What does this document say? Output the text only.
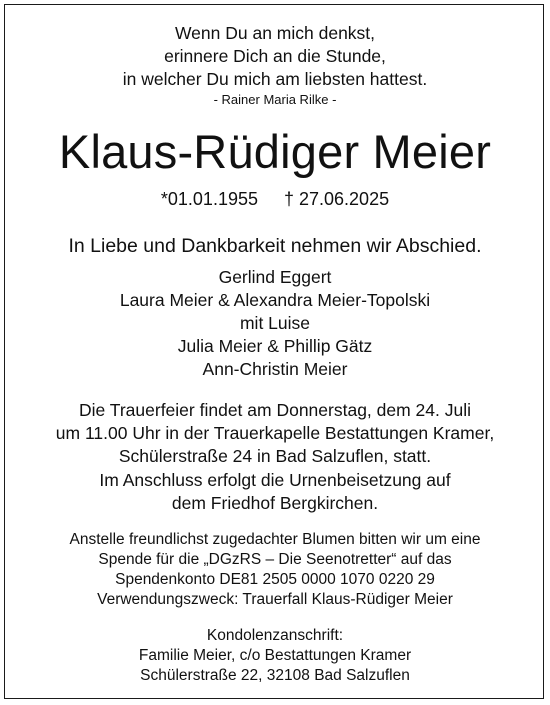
Wenn Du an mich denkst,
erinnere Dich an die Stunde,
in welcher Du mich am liebsten hattest.
- Rainer Maria Rilke -
Klaus-Rüdiger Meier
*01.01.1955 † 27.06.2025
In Liebe und Dankbarkeit nehmen wir Abschied.
Gerlind Eggert
Laura Meier & Alexandra Meier-Topolski
mit Luise
Julia Meier & Phillip Gätz
Ann-Christin Meier
Die Trauerfeier findet am Donnerstag, dem 24. Juli
um 11.00 Uhr in der Trauerkapelle Bestattungen Kramer,
Schülerstraße 24 in Bad Salzuflen, statt.
Im Anschluss erfolgt die Urnenbeisetzung auf
dem Friedhof Bergkirchen.
Anstelle freundlichst zugedachter Blumen bitten wir um eine
Spende für die „DGzRS – Die Seenotretter“ auf das
Spendenkonto DE81 2505 0000 1070 0220 29
Verwendungszweck: Trauerfall Klaus-Rüdiger Meier
Kondolenzanschrift:
Familie Meier, c/o Bestattungen Kramer
Schülerstraße 22, 32108 Bad Salzuflen
